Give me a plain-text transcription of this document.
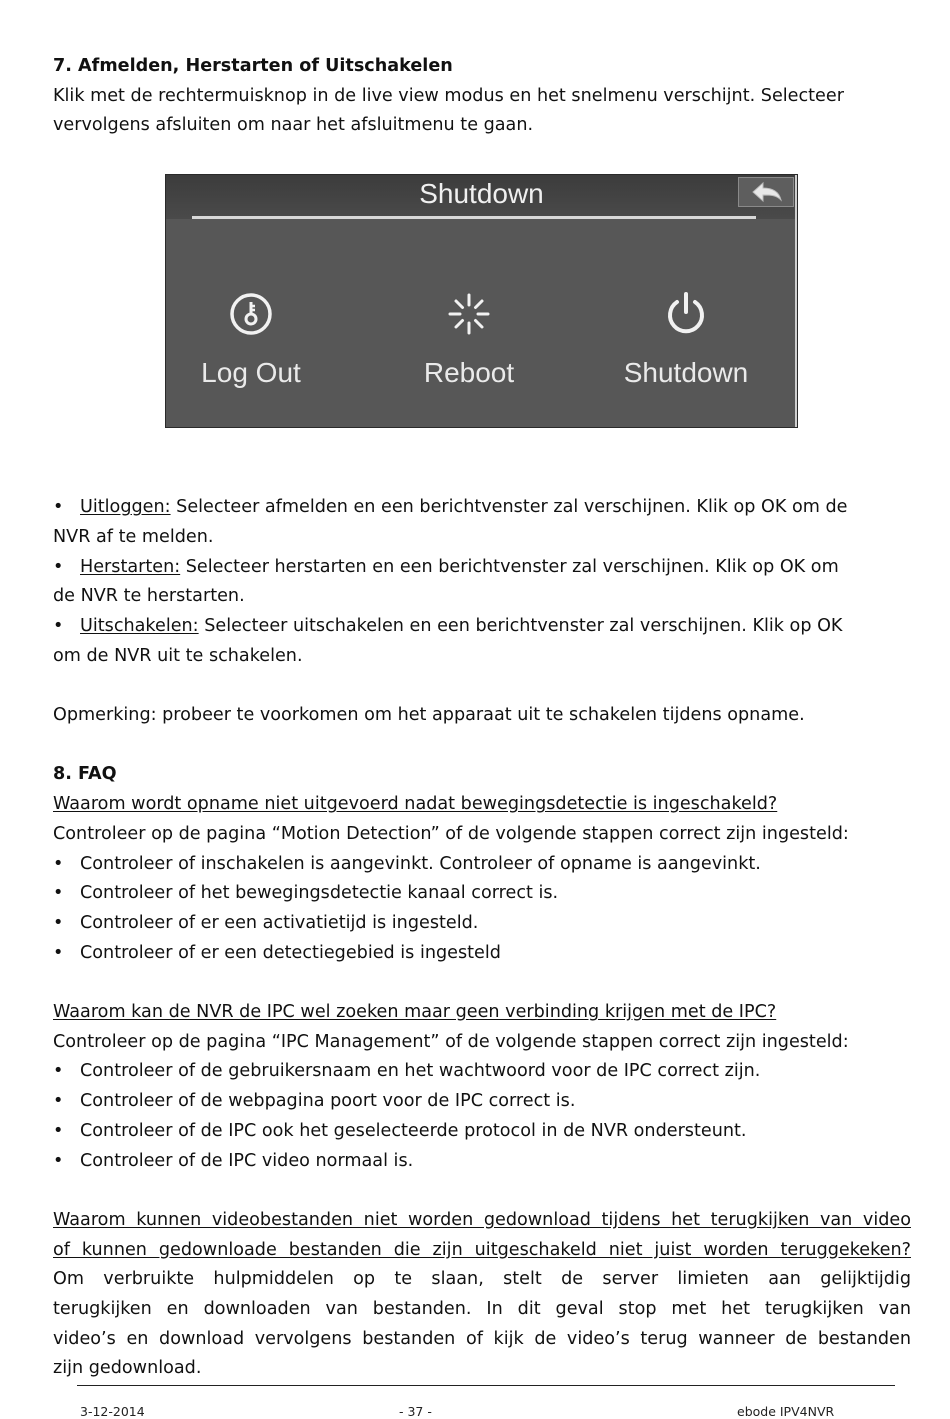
7. Afmelden, Herstarten of Uitschakelen

Klik met de rechtermuisknop in de live view modus en het snelmenu verschijnt. Selecteer

vervolgens afsluiten om naar het afsluitmenu te gaan.

• Uitloggen: Selecteer afmelden en een berichtvenster zal verschijnen. Klik op OK om de

NVR af te melden.

• Herstarten: Selecteer herstarten en een berichtvenster zal verschijnen. Klik op OK om

de NVR te herstarten.

• Uitschakelen: Selecteer uitschakelen en een berichtvenster zal verschijnen. Klik op OK

om de NVR uit te schakelen.

Opmerking: probeer te voorkomen om het apparaat uit te schakelen tijdens opname.

8. FAQ

Waarom wordt opname niet uitgevoerd nadat bewegingsdetectie is ingeschakeld?

Controleer op de pagina “Motion Detection” of de volgende stappen correct zijn ingesteld:

• Controleer of inschakelen is aangevinkt. Controleer of opname is aangevinkt.

• Controleer of het bewegingsdetectie kanaal correct is.

• Controleer of er een activatietijd is ingesteld.

• Controleer of er een detectiegebied is ingesteld

Waarom kan de NVR de IPC wel zoeken maar geen verbinding krijgen met de IPC?

Controleer op de pagina “IPC Management” of de volgende stappen correct zijn ingesteld:

• Controleer of de gebruikersnaam en het wachtwoord voor de IPC correct zijn.

• Controleer of de webpagina poort voor de IPC correct is.

• Controleer of de IPC ook het geselecteerde protocol in de NVR ondersteunt.

• Controleer of de IPC video normaal is.

Waarom kunnen videobestanden niet worden gedownload tijdens het terugkijken van video

of kunnen gedownloade bestanden die zijn uitgeschakeld niet juist worden teruggekeken?

Om verbruikte hulpmiddelen op te slaan, stelt de server limieten aan gelijktijdig

terugkijken en downloaden van bestanden. In dit geval stop met het terugkijken van

video’s en download vervolgens bestanden of kijk de video’s terug wanneer de bestanden

zijn gedownload.

Shutdown
Log Out	Reboot	Shutdown
3-12-2014	- 37 -	ebode IPV4NVR
